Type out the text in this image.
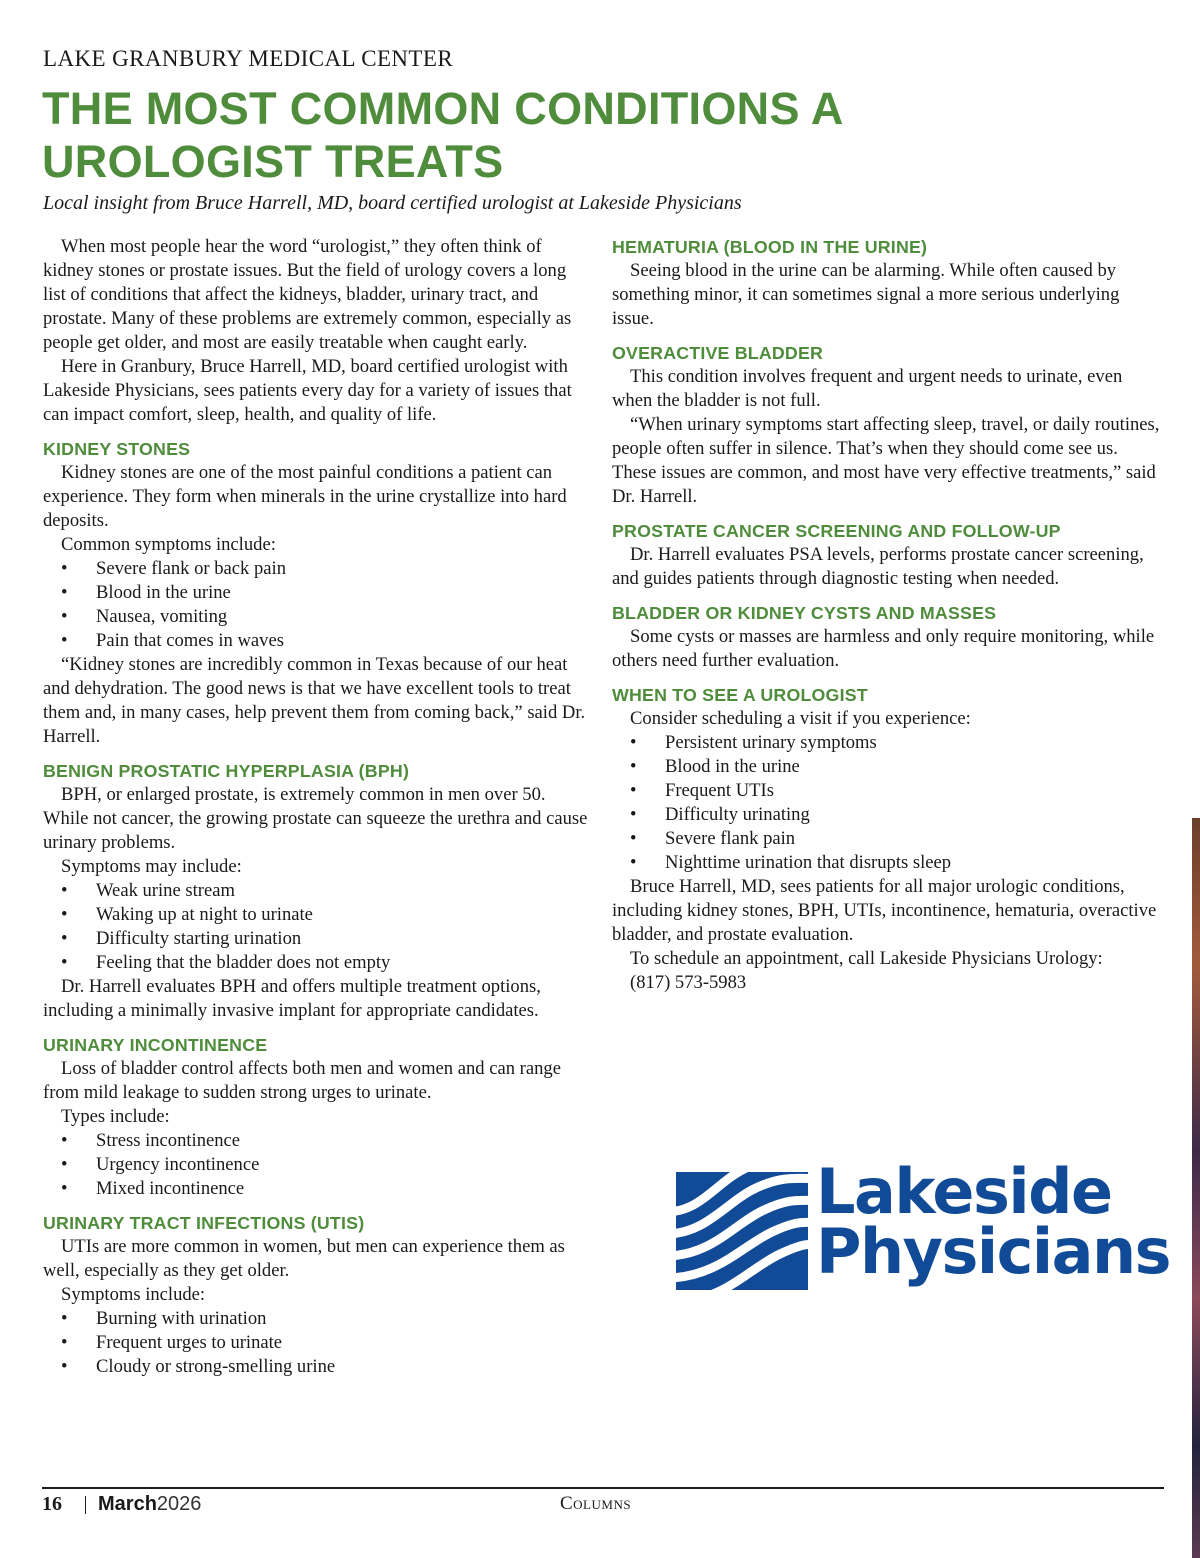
LAKE GRANBURY MEDICAL CENTER
THE MOST COMMON CONDITIONS A UROLOGIST TREATS
Local insight from Bruce Harrell, MD, board certified urologist at Lakeside Physicians

When most people hear the word “urologist,” they often think of kidney stones or prostate issues. But the field of urology covers a long list of conditions that affect the kidneys, bladder, urinary tract, and prostate. Many of these problems are extremely common, especially as people get older, and most are easily treatable when caught early.

Here in Granbury, Bruce Harrell, MD, board certified urologist with Lakeside Physicians, sees patients every day for a variety of issues that can impact comfort, sleep, health, and quality of life.

KIDNEY STONES

Kidney stones are one of the most painful conditions a patient can experience. They form when minerals in the urine crystallize into hard deposits.

Common symptoms include:

• Severe flank or back pain
• Blood in the urine
• Nausea, vomiting
• Pain that comes in waves

“Kidney stones are incredibly common in Texas because of our heat and dehydration. The good news is that we have excellent tools to treat them and, in many cases, help prevent them from coming back,” said Dr. Harrell.

BENIGN PROSTATIC HYPERPLASIA (BPH)

BPH, or enlarged prostate, is extremely common in men over 50. While not cancer, the growing prostate can squeeze the urethra and cause urinary problems.

Symptoms may include:

• Weak urine stream
• Waking up at night to urinate
• Difficulty starting urination
• Feeling that the bladder does not empty

Dr. Harrell evaluates BPH and offers multiple treatment options, including a minimally invasive implant for appropriate candidates.

URINARY INCONTINENCE

Loss of bladder control affects both men and women and can range from mild leakage to sudden strong urges to urinate.

Types include:

• Stress incontinence
• Urgency incontinence
• Mixed incontinence
URINARY TRACT INFECTIONS (UTIS)

UTIs are more common in women, but men can experience them as well, especially as they get older.

Symptoms include:

• Burning with urination
• Frequent urges to urinate
• Cloudy or strong-smelling urine
HEMATURIA (BLOOD IN THE URINE)

Seeing blood in the urine can be alarming. While often caused by something minor, it can sometimes signal a more serious underlying issue.

OVERACTIVE BLADDER

This condition involves frequent and urgent needs to urinate, even when the bladder is not full.

“When urinary symptoms start affecting sleep, travel, or daily routines, people often suffer in silence. That’s when they should come see us. These issues are common, and most have very effective treatments,” said Dr. Harrell.

PROSTATE CANCER SCREENING AND FOLLOW-UP

Dr. Harrell evaluates PSA levels, performs prostate cancer screening, and guides patients through diagnostic testing when needed.

BLADDER OR KIDNEY CYSTS AND MASSES

Some cysts or masses are harmless and only require monitoring, while others need further evaluation.

WHEN TO SEE A UROLOGIST

Consider scheduling a visit if you experience:

• Persistent urinary symptoms
• Blood in the urine
• Frequent UTIs
• Difficulty urinating
• Severe flank pain
• Nighttime urination that disrupts sleep

Bruce Harrell, MD, sees patients for all major urologic conditions, including kidney stones, BPH, UTIs, incontinence, hematuria, overactive bladder, and prostate evaluation.

To schedule an appointment, call Lakeside Physicians Urology:

(817) 573-5983

Lakeside
Physicians
16 March2026	Columns
